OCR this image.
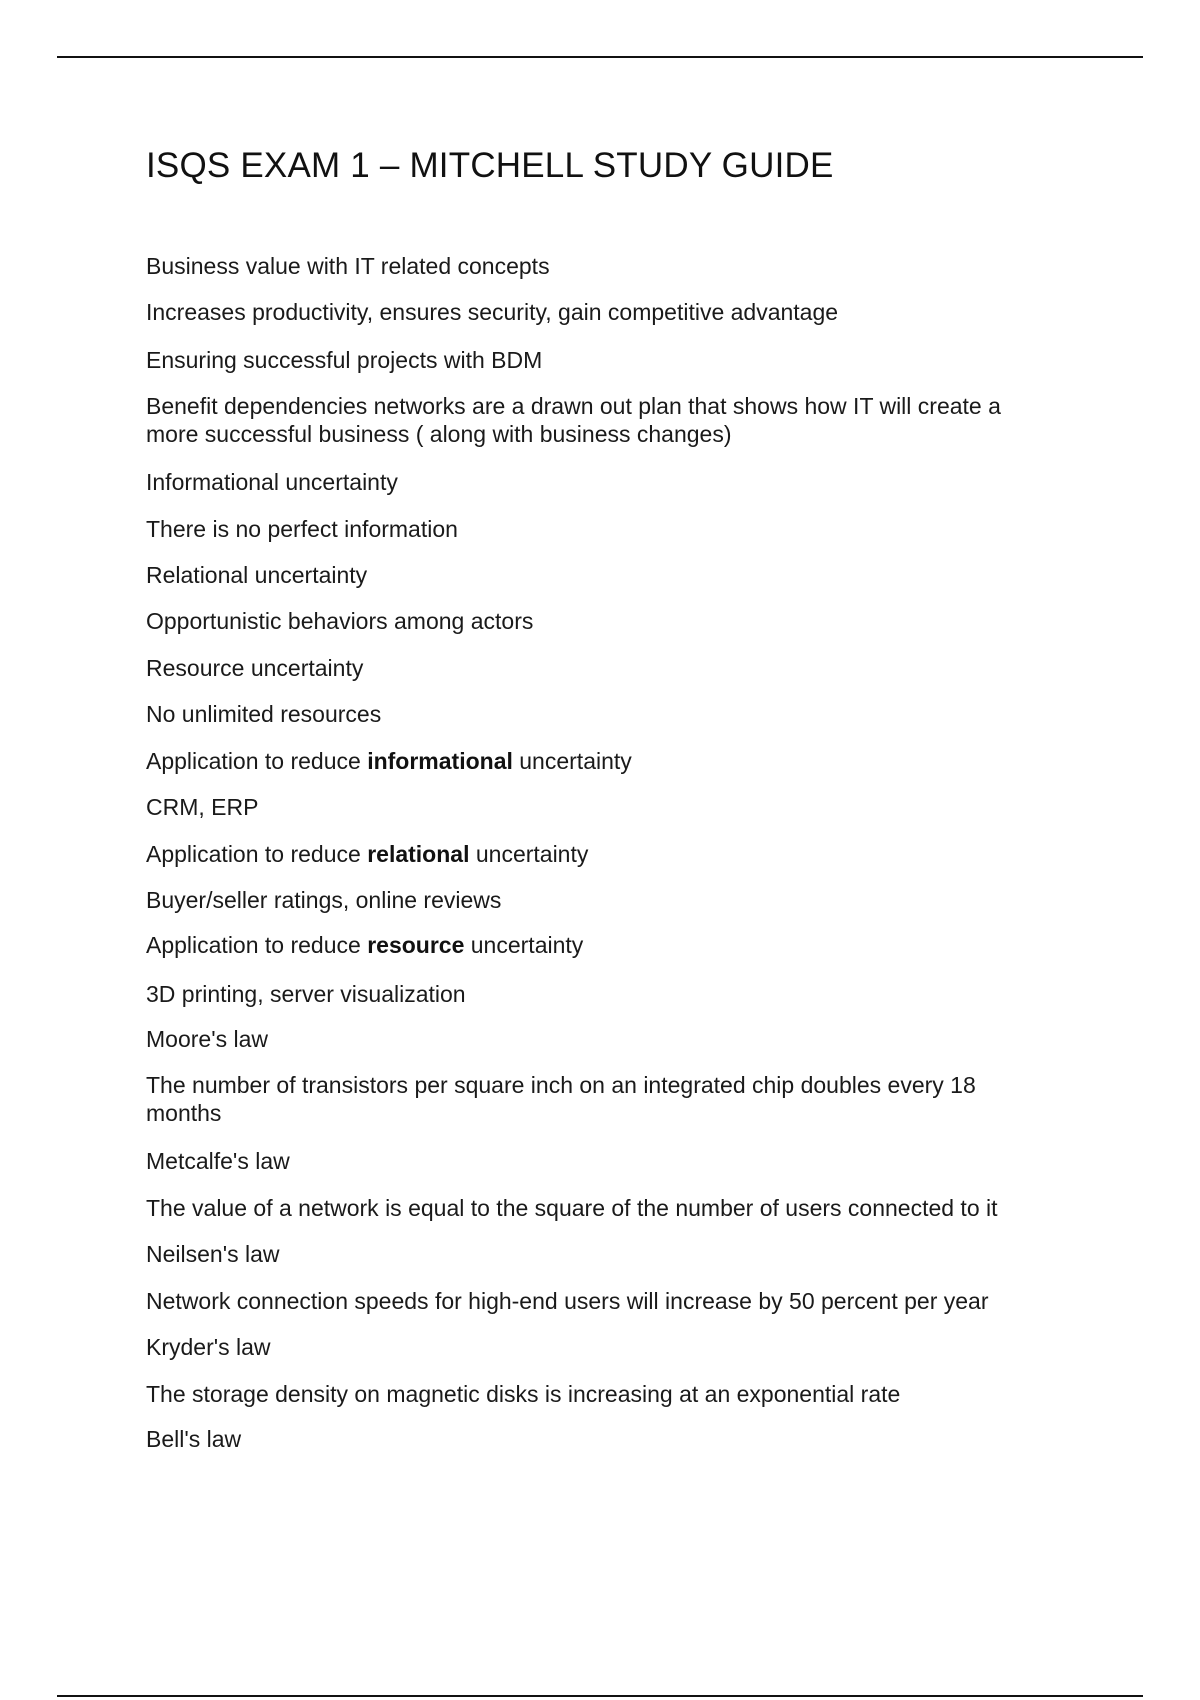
ISQS EXAM 1 – MITCHELL STUDY GUIDE
Business value with IT related concepts
Increases productivity, ensures security, gain competitive advantage
Ensuring successful projects with BDM
Benefit dependencies networks are a drawn out plan that shows how IT will create a more successful business ( along with business changes)
Informational uncertainty
There is no perfect information
Relational uncertainty
Opportunistic behaviors among actors
Resource uncertainty
No unlimited resources
Application to reduce informational uncertainty
CRM, ERP
Application to reduce relational uncertainty
Buyer/seller ratings, online reviews
Application to reduce resource uncertainty
3D printing, server visualization
Moore's law
The number of transistors per square inch on an integrated chip doubles every 18 months
Metcalfe's law
The value of a network is equal to the square of the number of users connected to it
Neilsen's law
Network connection speeds for high-end users will increase by 50 percent per year
Kryder's law
The storage density on magnetic disks is increasing at an exponential rate
Bell's law
